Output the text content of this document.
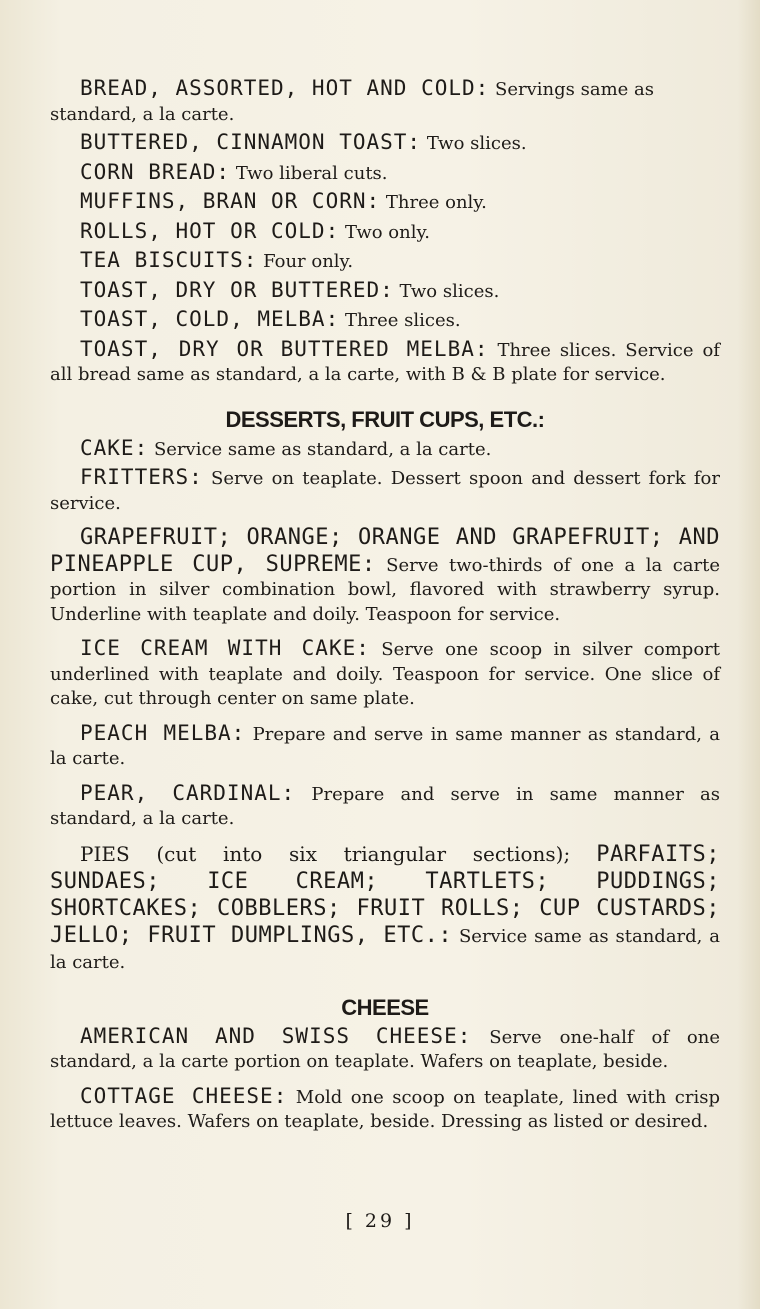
BREAD, ASSORTED, HOT AND COLD: Servings same as standard, a la carte.

BUTTERED, CINNAMON TOAST: Two slices.

CORN BREAD: Two liberal cuts.

MUFFINS, BRAN OR CORN: Three only.

ROLLS, HOT OR COLD: Two only.

TEA BISCUITS: Four only.

TOAST, DRY OR BUTTERED: Two slices.

TOAST, COLD, MELBA: Three slices.

TOAST, DRY OR BUTTERED MELBA: Three slices. Service of all bread same as standard, a la carte, with B & B plate for service.

DESSERTS, FRUIT CUPS, ETC.:

CAKE: Service same as standard, a la carte.

FRITTERS: Serve on teaplate. Dessert spoon and dessert fork for service.

GRAPEFRUIT; ORANGE; ORANGE AND GRAPEFRUIT; AND PINEAPPLE CUP, SUPREME: Serve two-thirds of one a la carte portion in silver combination bowl, flavored with strawberry syrup. Underline with teaplate and doily. Teaspoon for service.

ICE CREAM WITH CAKE: Serve one scoop in silver comport underlined with teaplate and doily. Teaspoon for service. One slice of cake, cut through center on same plate.

PEACH MELBA: Prepare and serve in same manner as standard, a la carte.

PEAR, CARDINAL: Prepare and serve in same manner as standard, a la carte.

PIES (cut into six triangular sections); PARFAITS; SUNDAES; ICE CREAM; TARTLETS; PUDDINGS; SHORTCAKES; COBBLERS; FRUIT ROLLS; CUP CUSTARDS; JELLO; FRUIT DUMPLINGS, ETC.: Service same as standard, a la carte.

CHEESE

AMERICAN AND SWISS CHEESE: Serve one-half of one standard, a la carte portion on teaplate. Wafers on teaplate, beside.

COTTAGE CHEESE: Mold one scoop on teaplate, lined with crisp lettuce leaves. Wafers on teaplate, beside. Dressing as listed or desired.

[ 29 ]
